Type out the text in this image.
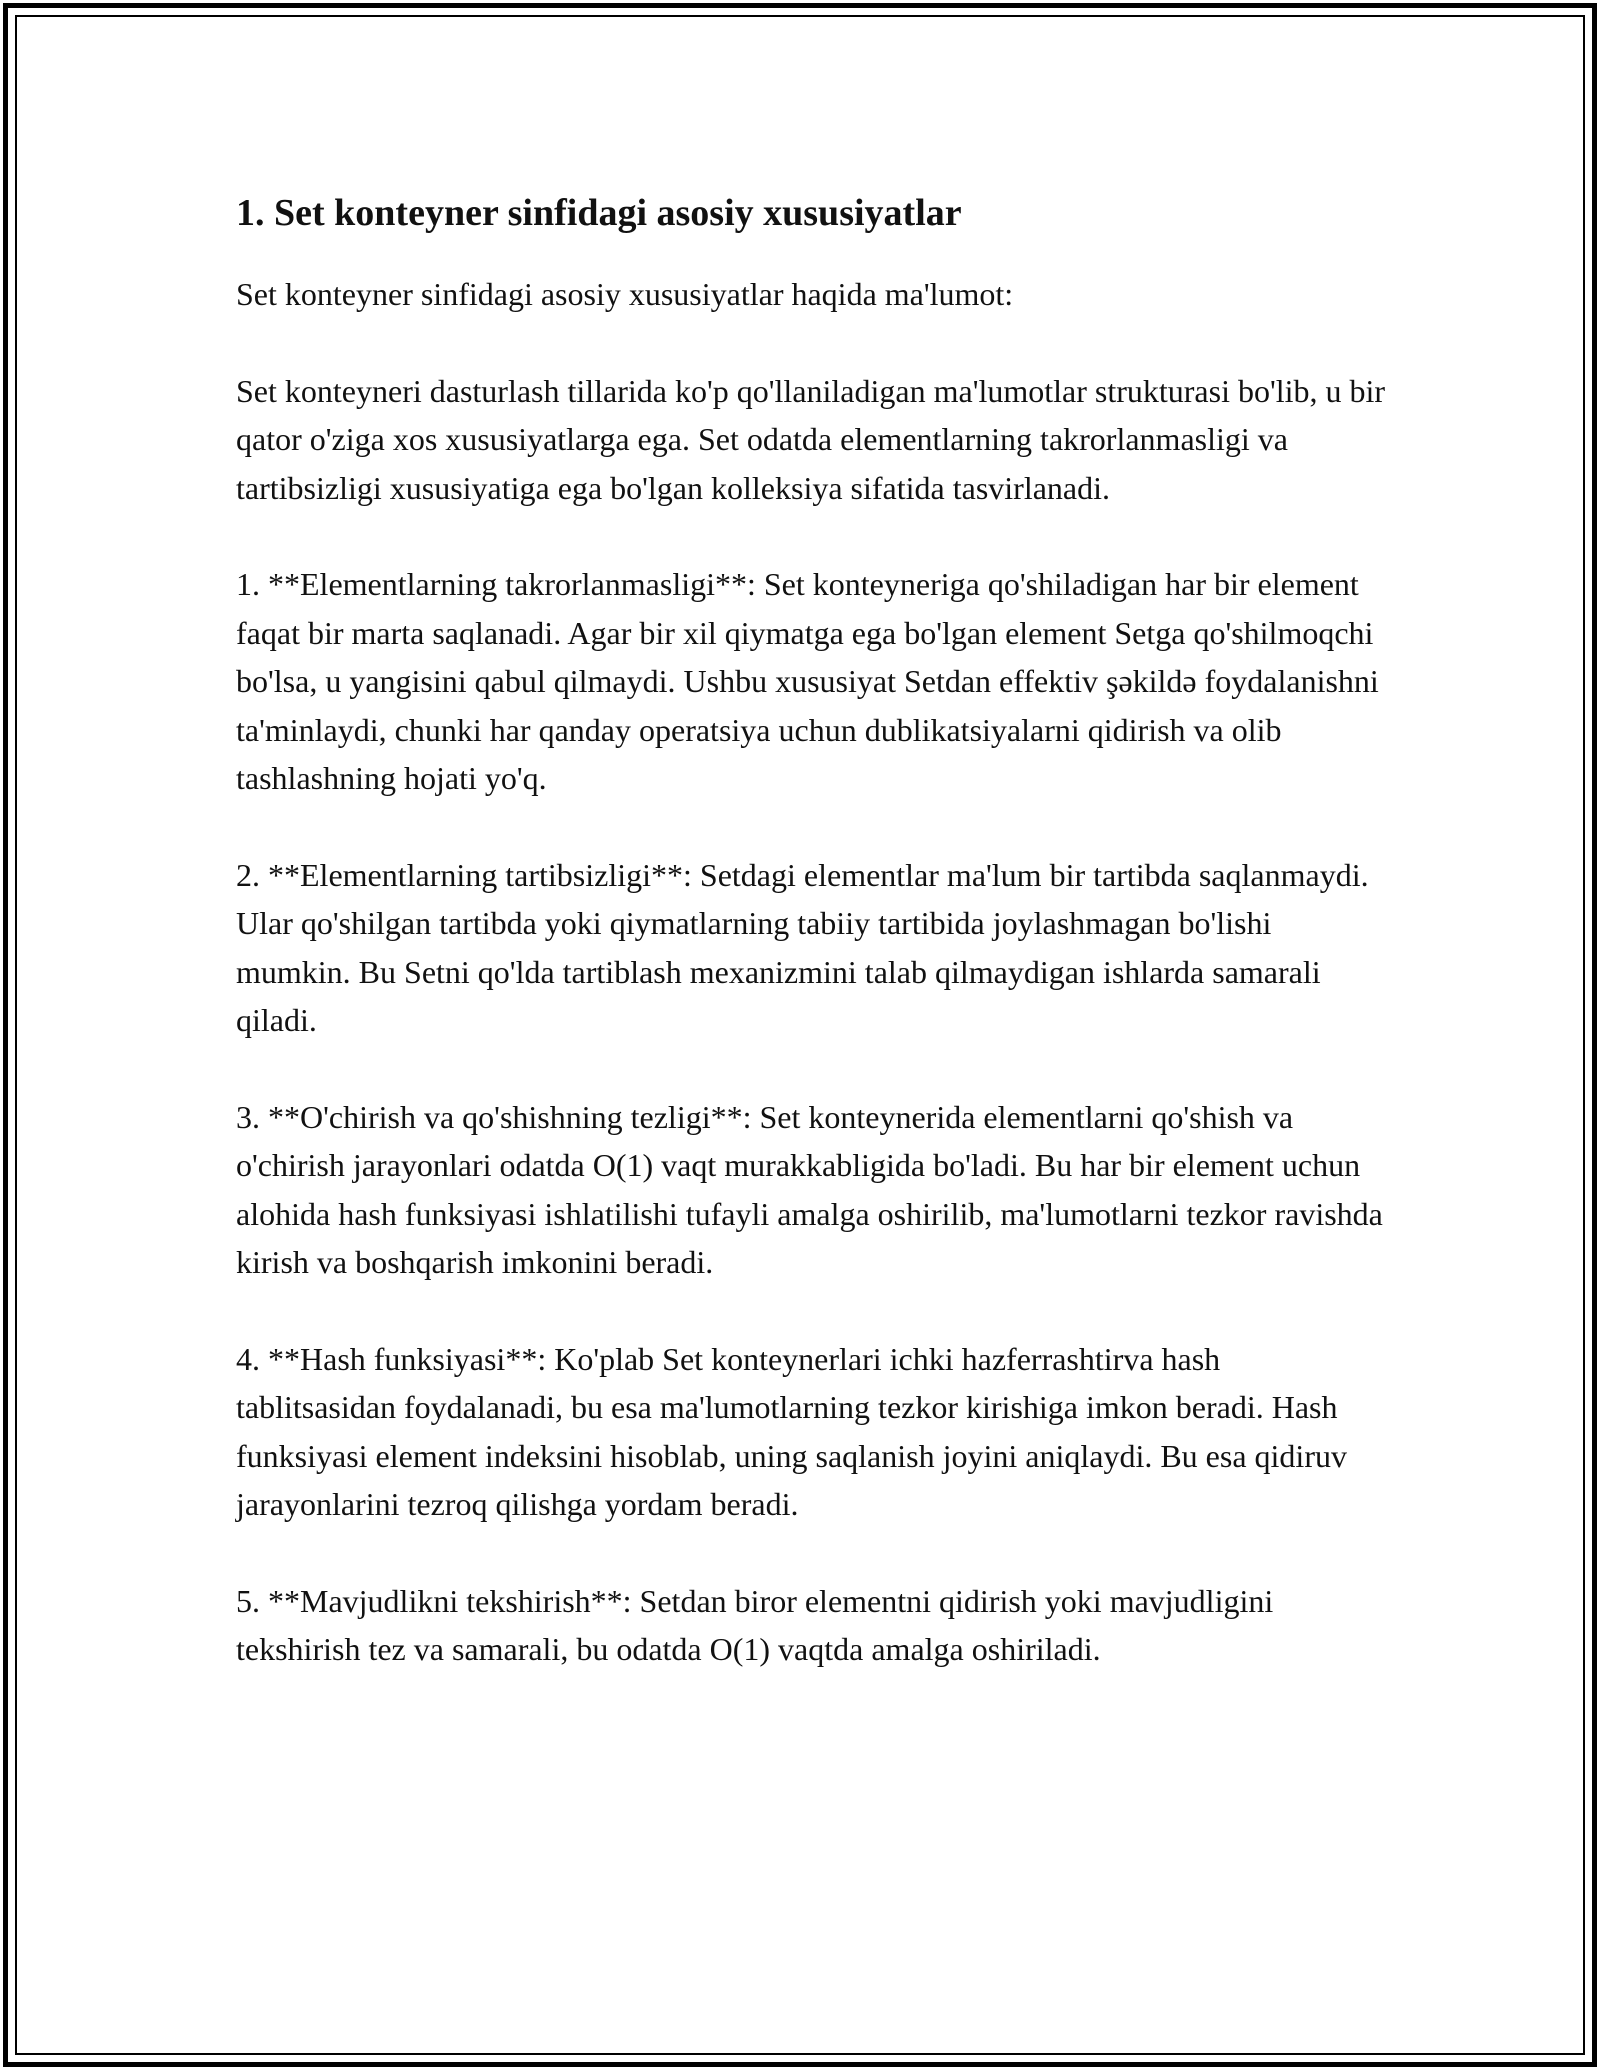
1. Set konteyner sinfidagi asosiy xususiyatlar

Set konteyner sinfidagi asosiy xususiyatlar haqida ma'lumot:

Set konteyneri dasturlash tillarida ko'p qo'llaniladigan ma'lumotlar strukturasi bo'lib, u bir qator o'ziga xos xususiyatlarga ega. Set odatda elementlarning takrorlanmasligi va tartibsizligi xususiyatiga ega bo'lgan kolleksiya sifatida tasvirlanadi.

1. **Elementlarning takrorlanmasligi**: Set konteyneriga qo'shiladigan har bir element faqat bir marta saqlanadi. Agar bir xil qiymatga ega bo'lgan element Setga qo'shilmoqchi bo'lsa, u yangisini qabul qilmaydi. Ushbu xususiyat Setdan effektiv şəkildə foydalanishni ta'minlaydi, chunki har qanday operatsiya uchun dublikatsiyalarni qidirish va olib tashlashning hojati yo'q.

2. **Elementlarning tartibsizligi**: Setdagi elementlar ma'lum bir tartibda saqlanmaydi. Ular qo'shilgan tartibda yoki qiymatlarning tabiiy tartibida joylashmagan bo'lishi mumkin. Bu Setni qo'lda tartiblash mexanizmini talab qilmaydigan ishlarda samarali qiladi.

3. **O'chirish va qo'shishning tezligi**: Set konteynerida elementlarni qo'shish va o'chirish jarayonlari odatda O(1) vaqt murakkabligida bo'ladi. Bu har bir element uchun alohida hash funksiyasi ishlatilishi tufayli amalga oshirilib, ma'lumotlarni tezkor ravishda kirish va boshqarish imkonini beradi.

4. **Hash funksiyasi**: Ko'plab Set konteynerlari ichki hazferrashtirva hash tablitsasidan foydalanadi, bu esa ma'lumotlarning tezkor kirishiga imkon beradi. Hash funksiyasi element indeksini hisoblab, uning saqlanish joyini aniqlaydi. Bu esa qidiruv jarayonlarini tezroq qilishga yordam beradi.

5. **Mavjudlikni tekshirish**: Setdan biror elementni qidirish yoki mavjudligini tekshirish tez va samarali, bu odatda O(1) vaqtda amalga oshiriladi.
